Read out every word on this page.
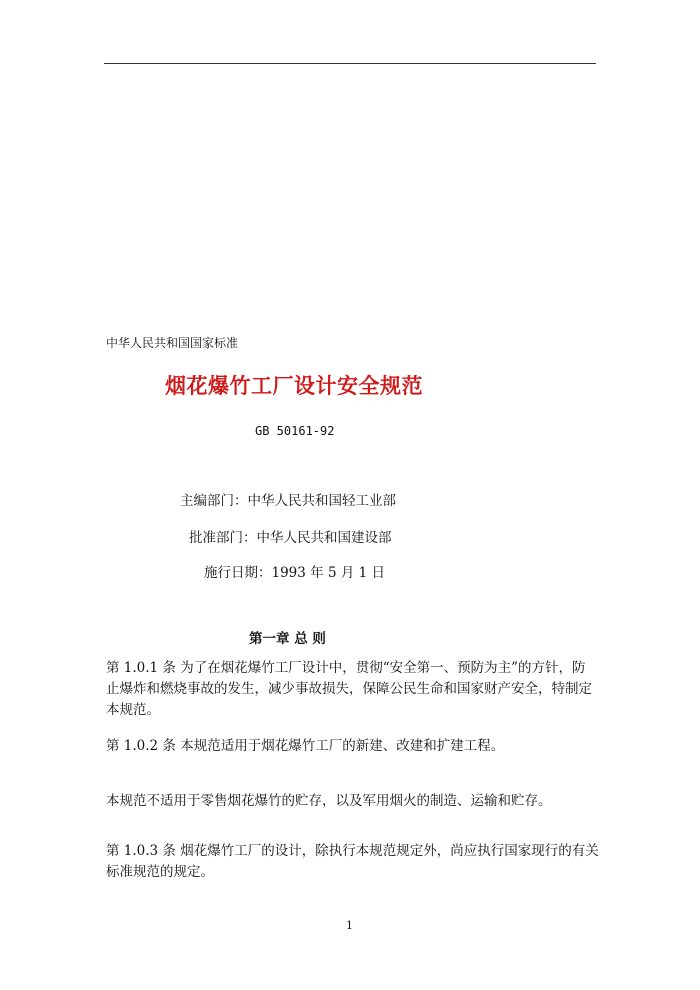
中华人民共和国国家标准
烟花爆竹工厂设计安全规范
GB 50161-92
主编部门：中华人民共和国轻工业部
批准部门：中华人民共和国建设部
施行日期：1993 年 5 月 1 日
第一章 总 则

第 1.0.1 条 为了在烟花爆竹工厂设计中，贯彻“安全第一、预防为主”的方针，防止爆炸和燃烧事故的发生，减少事故损失，保障公民生命和国家财产安全，特制定本规范。

第 1.0.2 条 本规范适用于烟花爆竹工厂的新建、改建和扩建工程。

本规范不适用于零售烟花爆竹的贮存，以及军用烟火的制造、运输和贮存。

第 1.0.3 条 烟花爆竹工厂的设计，除执行本规范规定外，尚应执行国家现行的有关标准规范的规定。

1
